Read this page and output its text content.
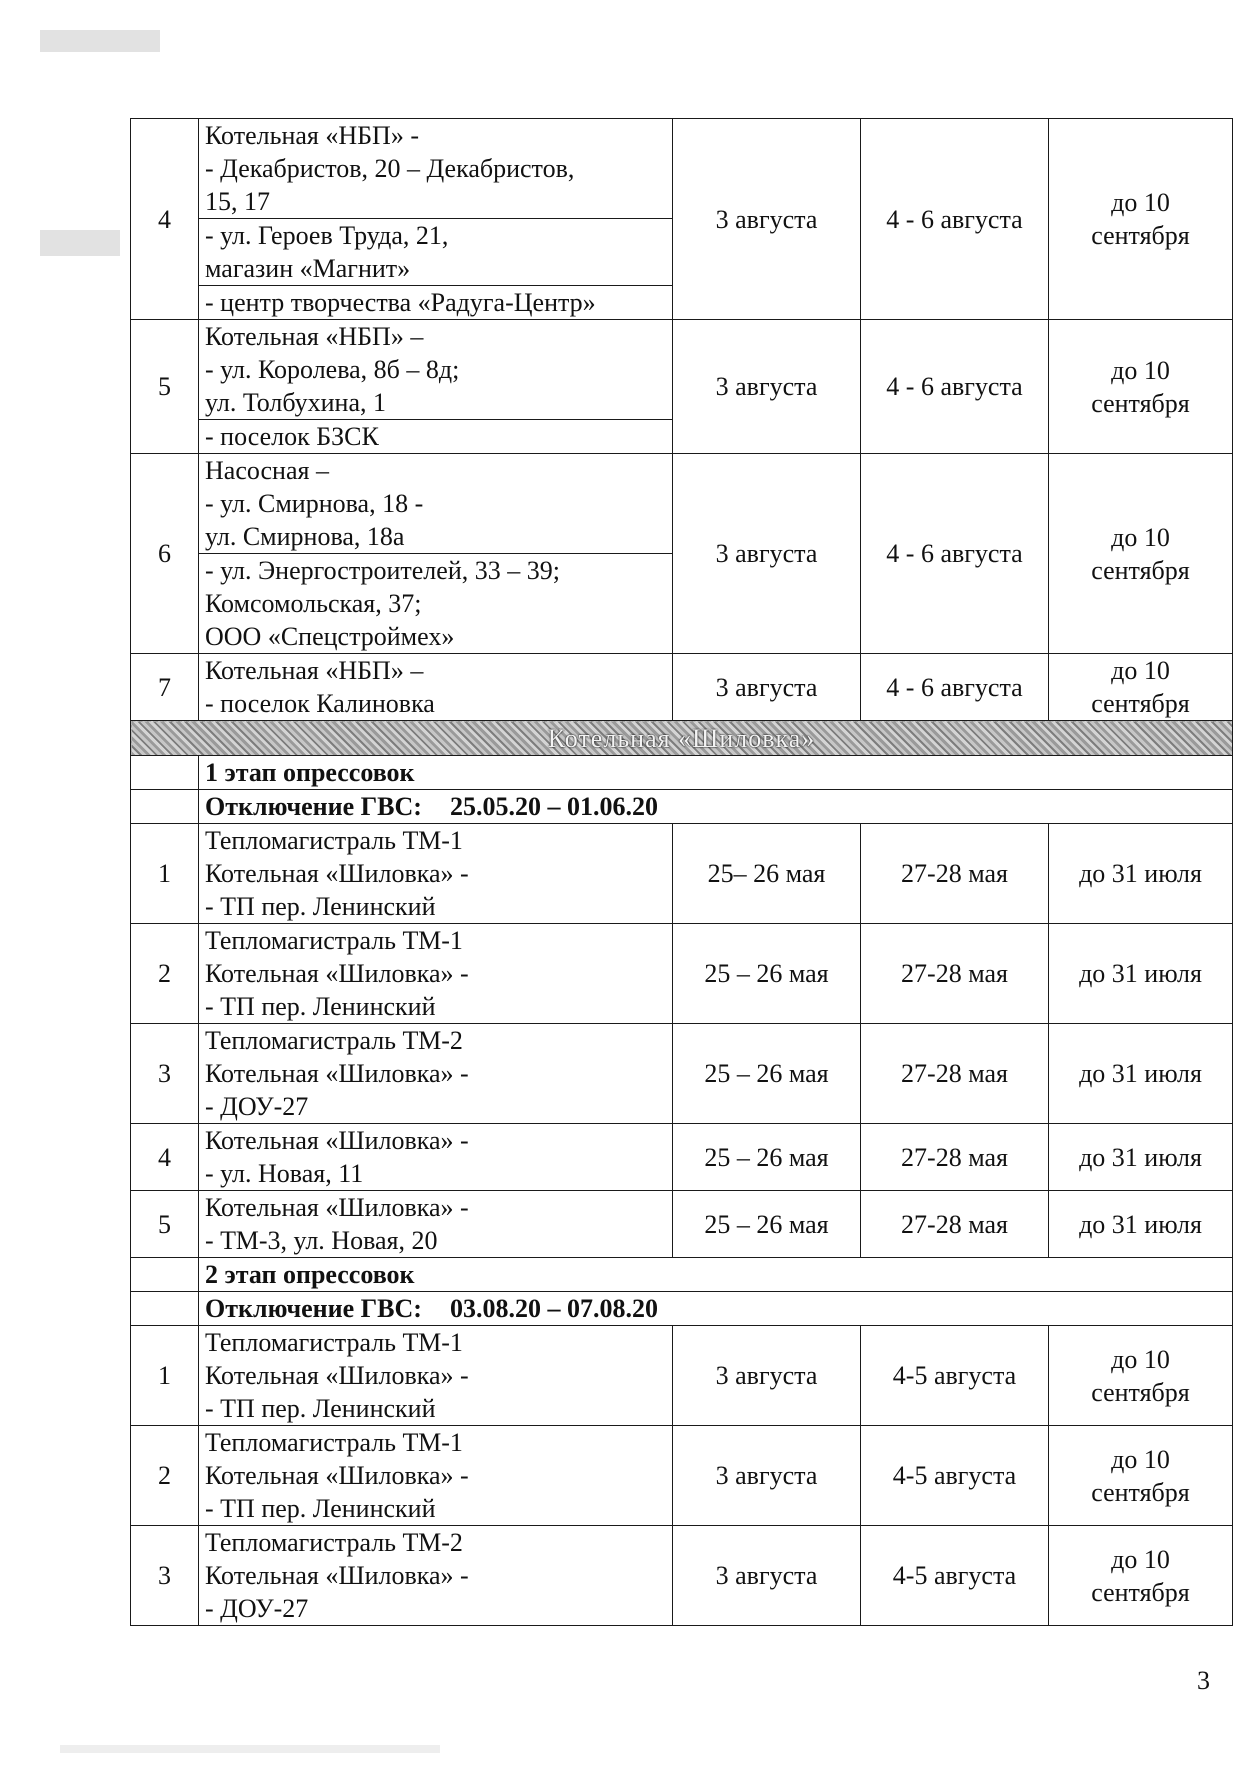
4	Котельная «НБП» -
- Декабристов, 20 – Декабристов,
15, 17	3 августа	4 - 6 августа	до 10
сентября

	- ул. Героев Труда, 21,
магазин «Магнит»			

	- центр творчества «Радуга-Центр»			

5	Котельная «НБП» –
- ул. Королева, 8б – 8д;
ул. Толбухина, 1	3 августа	4 - 6 августа	до 10
сентября

	- поселок БЗСК			

6	Насосная –
- ул. Смирнова, 18 -
ул. Смирнова, 18а	3 августа	4 - 6 августа	до 10
сентября

	- ул. Энергостроителей, 33 – 39;
Комсомольская, 37;
ООО «Спецстроймех»			

7	Котельная «НБП» –
- поселок Калиновка	3 августа	4 - 6 августа	до 10
сентября

Котельная «Шиловка»				
	1 этап опрессовок			
	Отключение ГВС: 25.05.20 – 01.06.20			
1	Тепломагистраль ТМ-1
Котельная «Шиловка» -
- ТП пер. Ленинский	25– 26 мая	27-28 мая	до 31 июля

2	Тепломагистраль ТМ-1
Котельная «Шиловка» -
- ТП пер. Ленинский	25 – 26 мая	27-28 мая	до 31 июля

3	Тепломагистраль ТМ-2
Котельная «Шиловка» -
- ДОУ-27	25 – 26 мая	27-28 мая	до 31 июля

4	Котельная «Шиловка» -
- ул. Новая, 11	25 – 26 мая	27-28 мая	до 31 июля

5	Котельная «Шиловка» -
- ТМ-3, ул. Новая, 20	25 – 26 мая	27-28 мая	до 31 июля

	2 этап опрессовок			
	Отключение ГВС: 03.08.20 – 07.08.20			
1	Тепломагистраль ТМ-1
Котельная «Шиловка» -
- ТП пер. Ленинский	3 августа	4-5 августа	до 10
сентября

2	Тепломагистраль ТМ-1
Котельная «Шиловка» -
- ТП пер. Ленинский	3 августа	4-5 августа	до 10
сентября

3	Тепломагистраль ТМ-2
Котельная «Шиловка» -
- ДОУ-27	3 августа	4-5 августа	до 10
сентября
3
